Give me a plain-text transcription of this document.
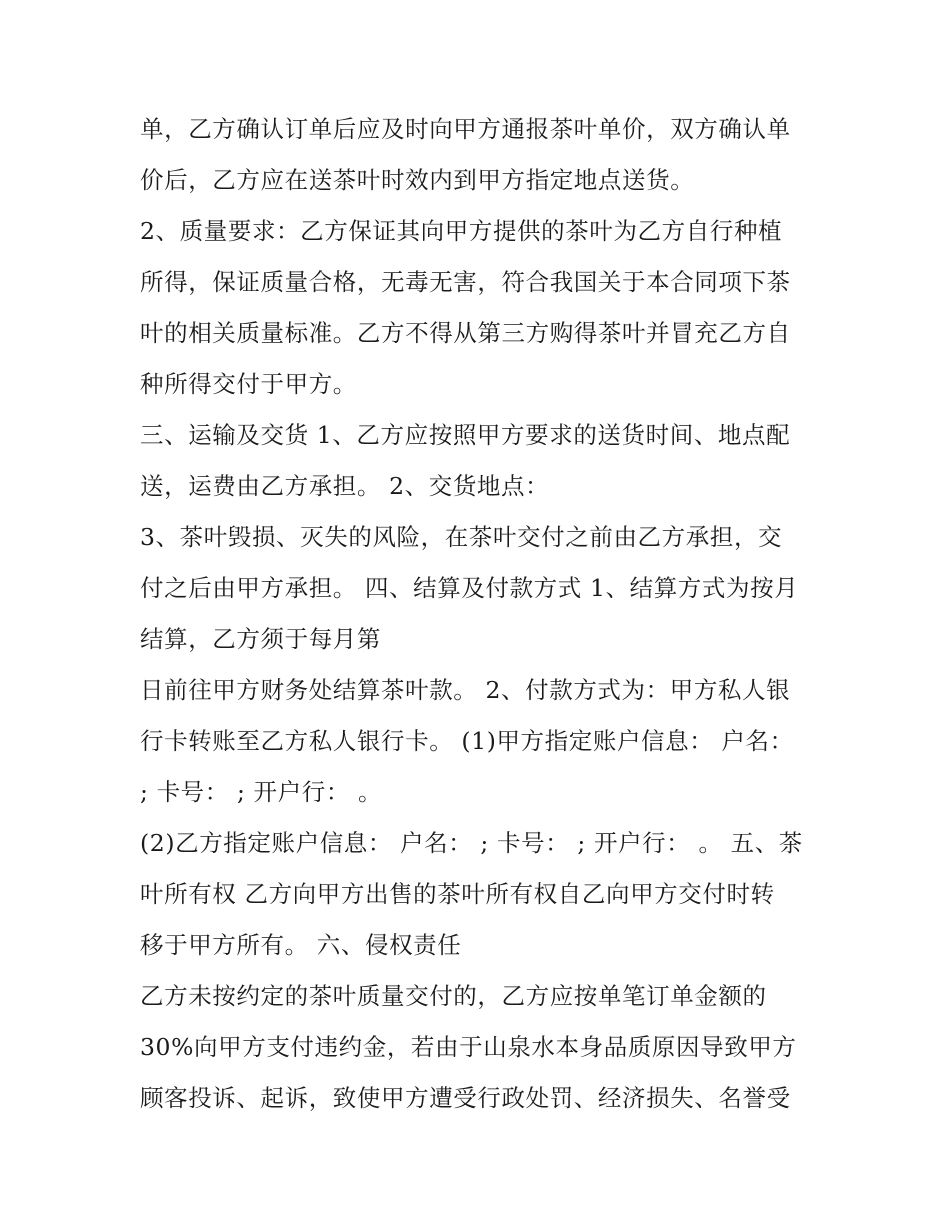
单，乙方确认订单后应及时向甲方通报茶叶单价，双方确认单
价后，乙方应在送茶叶时效内到甲方指定地点送货。
2、质量要求：乙方保证其向甲方提供的茶叶为乙方自行种植
所得，保证质量合格，无毒无害，符合我国关于本合同项下茶
叶的相关质量标准。乙方不得从第三方购得茶叶并冒充乙方自
种所得交付于甲方。
三、运输及交货 1、乙方应按照甲方要求的送货时间、地点配
送，运费由乙方承担。 2、交货地点：
3、茶叶毁损、灭失的风险，在茶叶交付之前由乙方承担，交
付之后由甲方承担。 四、结算及付款方式 1、结算方式为按月
结算，乙方须于每月第
日前往甲方财务处结算茶叶款。 2、付款方式为：甲方私人银
行卡转账至乙方私人银行卡。 (1)甲方指定账户信息： 户名：
; 卡号： ; 开户行： 。
(2)乙方指定账户信息： 户名： ; 卡号： ; 开户行： 。 五、茶
叶所有权 乙方向甲方出售的茶叶所有权自乙向甲方交付时转
移于甲方所有。 六、侵权责任
乙方未按约定的茶叶质量交付的，乙方应按单笔订单金额的
30%向甲方支付违约金，若由于山泉水本身品质原因导致甲方
顾客投诉、起诉，致使甲方遭受行政处罚、经济损失、名誉受
